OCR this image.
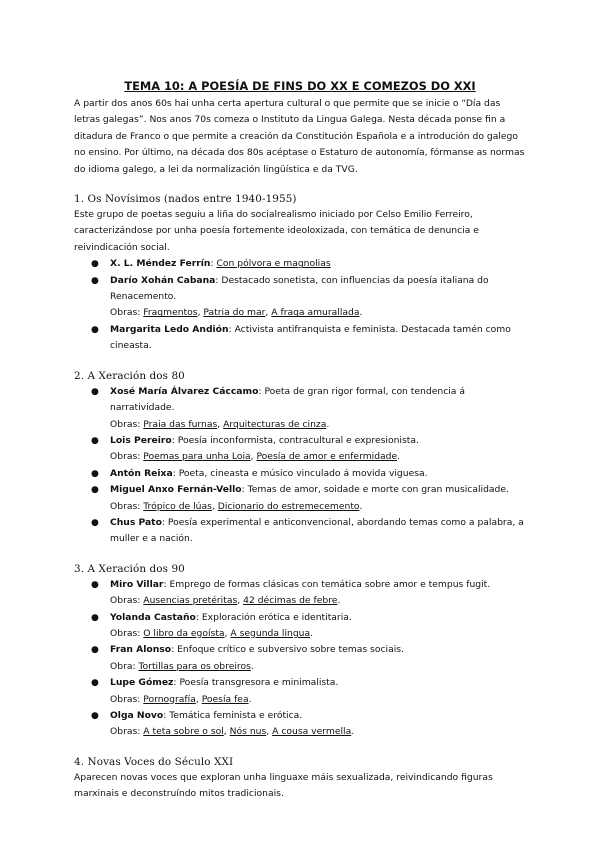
TEMA 10: A POESÍA DE FINS DO XX E COMEZOS DO XXI

A partir dos anos 60s hai unha certa apertura cultural o que permite que se inicie o “Día das letras galegas”. Nos anos 70s comeza o Instituto da Lingua Galega. Nesta década ponse fin a ditadura de Franco o que permite a creación da Constitución Española e a introdución do galego no ensino. Por último, na década dos 80s acéptase o Estaturo de autonomía, fórmanse as normas do idioma galego, a lei da normalización lingüística e da TVG.

1. Os Novísimos (nados entre 1940-1955)

Este grupo de poetas seguiu a liña do socialrealismo iniciado por Celso Emilio Ferreiro, caracterizándose por unha poesía fortemente ideoloxizada, con temática de denuncia e reivindicación social.

● X. L. Méndez Ferrín: Con pólvora e magnolias
● Darío Xohán Cabana: Destacado sonetista, con influencias da poesía italiana do Renacemento.
Obras: Fragmentos, Patria do mar, A fraga amurallada.
● Margarita Ledo Andión: Activista antifranquista e feminista. Destacada tamén como cineasta.
2. A Xeración dos 80
● Xosé María Álvarez Cáccamo: Poeta de gran rigor formal, con tendencia á narratividade.
Obras: Praia das furnas, Arquitecturas de cinza.
● Lois Pereiro: Poesía inconformista, contracultural e expresionista.
Obras: Poemas para unha Loia, Poesía de amor e enfermidade.
● Antón Reixa: Poeta, cineasta e músico vinculado á movida viguesa.
● Miguel Anxo Fernán-Vello: Temas de amor, soidade e morte con gran musicalidade.
Obras: Trópico de lúas, Dicionario do estremecemento.
● Chus Pato: Poesía experimental e anticonvencional, abordando temas como a palabra, a muller e a nación.
3. A Xeración dos 90
● Miro Villar: Emprego de formas clásicas con temática sobre amor e tempus fugit.
Obras: Ausencias pretéritas, 42 décimas de febre.
● Yolanda Castaño: Exploración erótica e identitaria.
Obras: O libro da egoísta, A segunda lingua.
● Fran Alonso: Enfoque crítico e subversivo sobre temas sociais.
Obra: Tortillas para os obreiros.
● Lupe Gómez: Poesía transgresora e minimalista.
Obras: Pornografía, Poesía fea.
● Olga Novo: Temática feminista e erótica.
Obras: A teta sobre o sol, Nós nus, A cousa vermella.
4. Novas Voces do Século XXI

Aparecen novas voces que exploran unha linguaxe máis sexualizada, reivindicando figuras marxinais e deconstruíndo mitos tradicionais.
